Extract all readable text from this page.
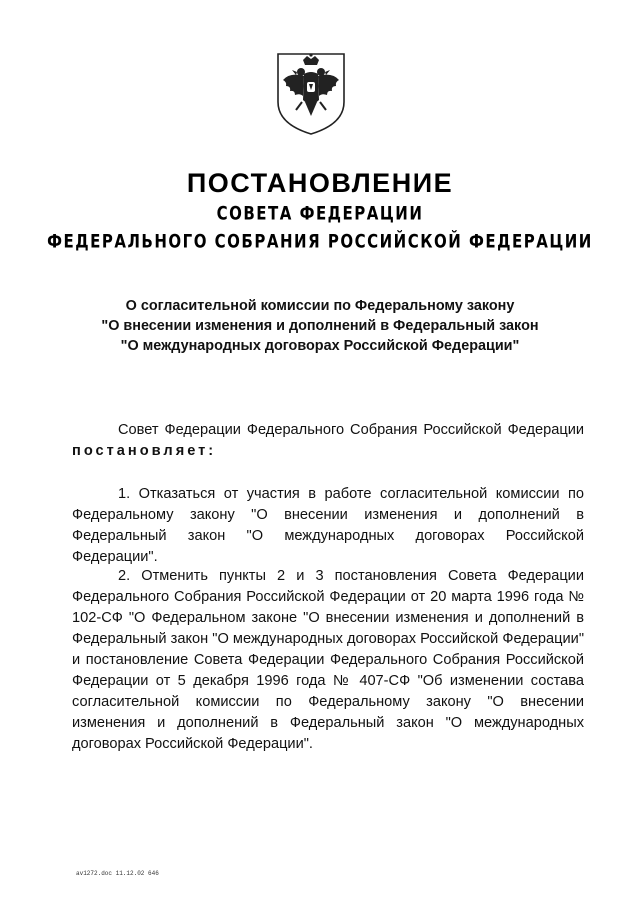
ПОСТАНОВЛЕНИЕ
СОВЕТА ФЕДЕРАЦИИ
ФЕДЕРАЛЬНОГО СОБРАНИЯ РОССИЙСКОЙ ФЕДЕРАЦИИ
О согласительной комиссии по Федеральному закону
"О внесении изменения и дополнений в Федеральный закон
"О международных договорах Российской Федерации"
Совет Федерации Федерального Собрания Российской Федерации постановляет:
1. Отказаться от участия в работе согласительной комиссии по Федеральному закону "О внесении изменения и дополнений в Федеральный закон "О международных договорах Российской Федерации".
2. Отменить пункты 2 и 3 постановления Совета Федерации Федерального Собрания Российской Федерации от 20 марта 1996 года № 102-СФ "О Федеральном законе "О внесении изменения и дополнений в Федеральный закон "О международных договорах Российской Федерации" и постановление Совета Федерации Федерального Собрания Российской Федерации от 5 декабря 1996 года № 407-СФ "Об изменении состава согласительной комиссии по Федеральному закону "О внесении изменения и дополнений в Федеральный закон "О международных договорах Российской Федерации".
av1272.doc 11.12.02 646
